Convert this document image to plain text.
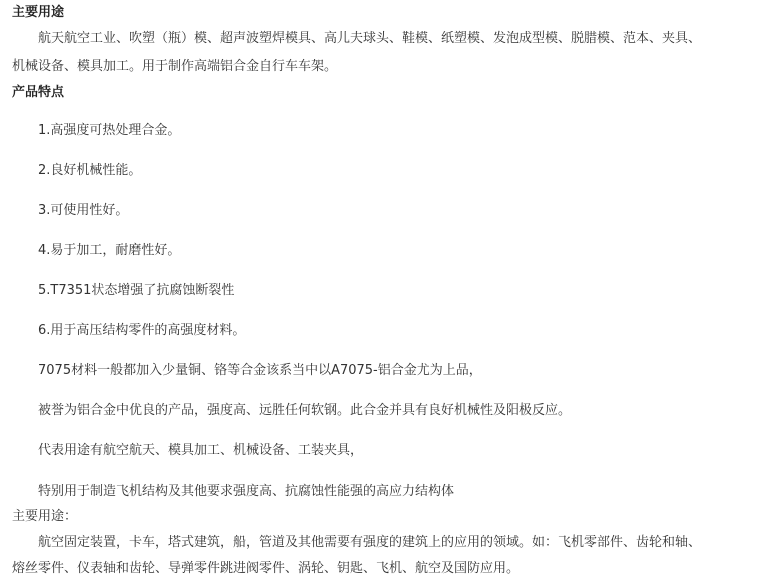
主要用途
航天航空工业、吹塑（瓶）模、超声波塑焊模具、高儿夫球头、鞋模、纸塑模、发泡成型模、脱腊模、范本、夹具、
机械设备、模具加工。用于制作高端铝合金自行车车架。
产品特点
1.高强度可热处理合金。
2.良好机械性能。
3.可使用性好。
4.易于加工，耐磨性好。
5.T7351状态增强了抗腐蚀断裂性
6.用于高压结构零件的高强度材料。
7075材料一般都加入少量铜、铬等合金该系当中以A7075-铝合金尤为上品，
被誉为铝合金中优良的产品，强度高、远胜任何软钢。此合金并具有良好机械性及阳极反应。
代表用途有航空航天、模具加工、机械设备、工装夹具，
特别用于制造飞机结构及其他要求强度高、抗腐蚀性能强的高应力结构体
主要用途：
航空固定装置，卡车，塔式建筑，船，管道及其他需要有强度的建筑上的应用的领域。如：飞机零部件、齿轮和轴、
熔丝零件、仪表轴和齿轮、导弹零件跳进阀零件、涡轮、钥匙、飞机、航空及国防应用。
